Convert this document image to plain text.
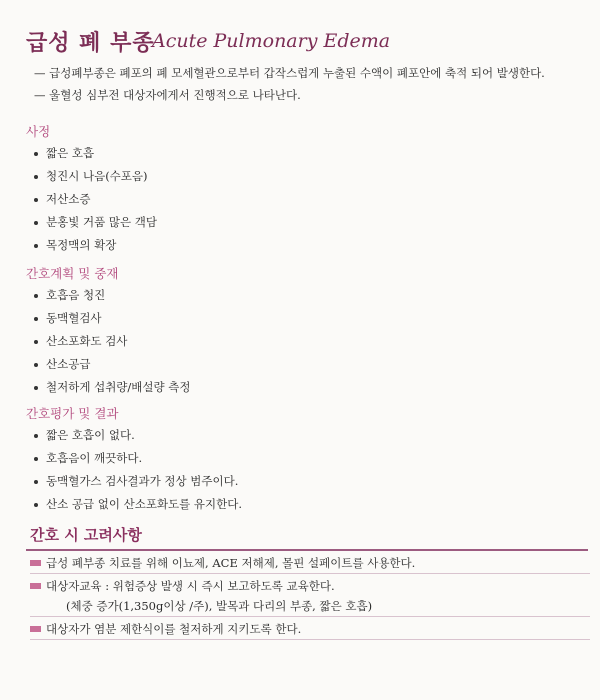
급성 폐 부종
Acute Pulmonary Edema
— 급성폐부종은 폐포의 폐 모세혈관으로부터 갑작스럽게 누출된 수액이 폐포안에 축적 되어 발생한다.
— 울혈성 심부전 대상자에게서 진행적으로 나타난다.
사정
짧은 호흡
청진시 나음(수포음)
저산소증
분홍빛 거품 많은 객담
목정맥의 확장
간호계획 및 중재
호흡음 청진
동맥혈검사
산소포화도 검사
산소공급
철저하게 섭취량/배설량 측정
간호평가 및 결과
짧은 호흡이 없다.
호흡음이 깨끗하다.
동맥혈가스 검사결과가 정상 범주이다.
산소 공급 없이 산소포화도를 유지한다.
간호 시 고려사항
급성 폐부종 치료를 위해 이뇨제, ACE 저해제, 몰핀 설페이트를 사용한다.
대상자교육 : 위험증상 발생 시 즉시 보고하도록 교육한다.
(체중 증가(1,350g이상 /주), 발목과 다리의 부종, 짧은 호흡)
대상자가 염분 제한식이를 철저하게 지키도록 한다.
